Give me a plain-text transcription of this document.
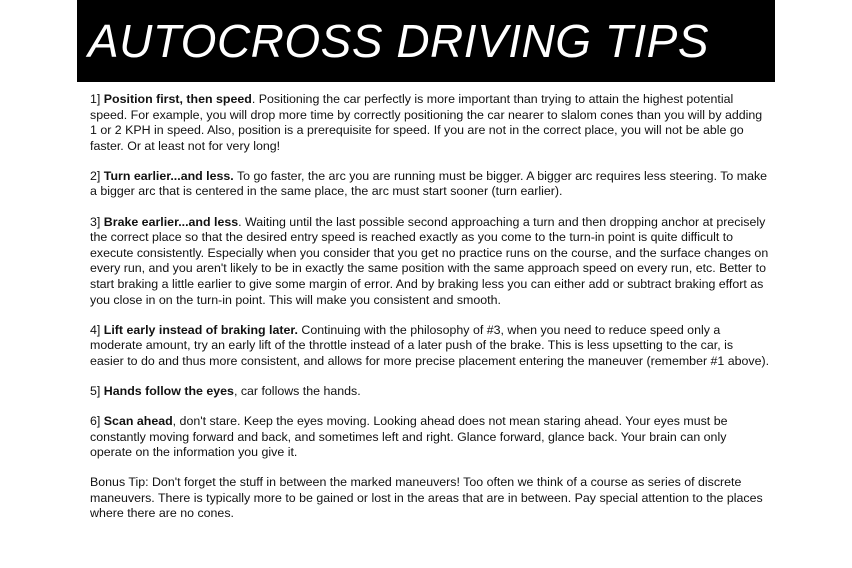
AUTOCROSS DRIVING TIPS

1] Position first, then speed. Positioning the car perfectly is more important than trying to attain the highest potential speed. For example, you will drop more time by correctly positioning the car nearer to slalom cones than you will by adding 1 or 2 KPH in speed. Also, position is a prerequisite for speed. If you are not in the correct place, you will not be able go faster. Or at least not for very long!

2] Turn earlier...and less. To go faster, the arc you are running must be bigger. A bigger arc requires less steering. To make a bigger arc that is centered in the same place, the arc must start sooner (turn earlier).

3] Brake earlier...and less. Waiting until the last possible second approaching a turn and then dropping anchor at precisely the correct place so that the desired entry speed is reached exactly as you come to the turn-in point is quite difficult to execute consistently. Especially when you consider that you get no practice runs on the course, and the surface changes on every run, and you aren't likely to be in exactly the same position with the same approach speed on every run, etc. Better to start braking a little earlier to give some margin of error. And by braking less you can either add or subtract braking effort as you close in on the turn-in point. This will make you consistent and smooth.

4] Lift early instead of braking later. Continuing with the philosophy of #3, when you need to reduce speed only a moderate amount, try an early lift of the throttle instead of a later push of the brake. This is less upsetting to the car, is easier to do and thus more consistent, and allows for more precise placement entering the maneuver (remember #1 above).

5] Hands follow the eyes, car follows the hands.

6] Scan ahead, don't stare. Keep the eyes moving. Looking ahead does not mean staring ahead. Your eyes must be constantly moving forward and back, and sometimes left and right. Glance forward, glance back. Your brain can only operate on the information you give it.

Bonus Tip: Don't forget the stuff in between the marked maneuvers! Too often we think of a course as series of discrete maneuvers. There is typically more to be gained or lost in the areas that are in between. Pay special attention to the places where there are no cones.
